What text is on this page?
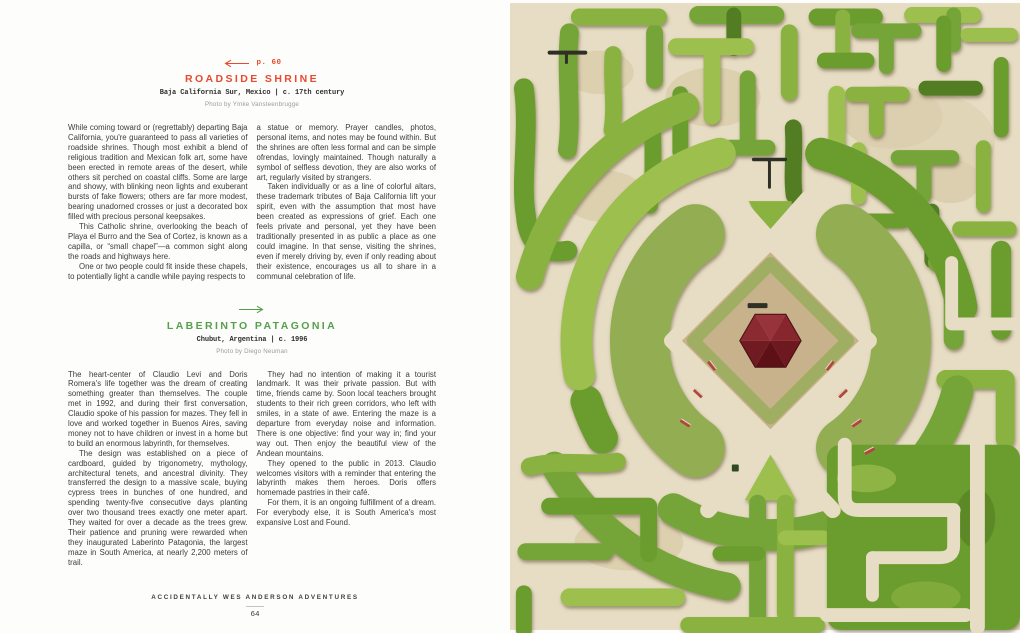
p. 60
ROADSIDE SHRINE
Baja California Sur, Mexico | c. 17th century
Photo by Ymke Vansteenbrugge

While coming toward or (regrettably) departing Baja California, you're guaranteed to pass all varieties of roadside shrines. Though most exhibit a blend of religious tradition and Mexican folk art, some have been erected in remote areas of the desert, while others sit perched on coastal cliffs. Some are large and showy, with blinking neon lights and exuberant bursts of fake flowers; others are far more modest, bearing unadorned crosses or just a decorated box filled with precious personal keepsakes.

This Catholic shrine, overlooking the beach of Playa el Burro and the Sea of Cortez, is known as a capilla, or “small chapel”—a common sight along the roads and highways here.

One or two people could fit inside these chapels, to potentially light a candle while paying respects to

a statue or memory. Prayer candles, photos, personal items, and notes may be found within. But the shrines are often less formal and can be simple ofrendas, lovingly maintained. Though naturally a symbol of selfless devotion, they are also works of art, regularly visited by strangers.

Taken individually or as a line of colorful altars, these trademark tributes of Baja California lift your spirit, even with the assumption that most have been created as expressions of grief. Each one feels private and personal, yet they have been traditionally presented in as public a place as one could imagine. In that sense, visiting the shrines, even if merely driving by, even if only reading about their existence, encourages us all to share in a communal celebration of life.

LABERINTO PATAGONIA
Chubut, Argentina | c. 1996
Photo by Diego Neuman

The heart-center of Claudio Levi and Doris Romera's life together was the dream of creating something greater than themselves. The couple met in 1992, and during their first conversation, Claudio spoke of his passion for mazes. They fell in love and worked together in Buenos Aires, saving money not to have children or invest in a home but to build an enormous labyrinth, for themselves.

The design was established on a piece of cardboard, guided by trigonometry, mythology, architectural tenets, and ancestral divinity. They transferred the design to a massive scale, buying cypress trees in bunches of one hundred, and spending twenty-five consecutive days planting over two thousand trees exactly one meter apart. They waited for over a decade as the trees grew. Their patience and pruning were rewarded when they inaugurated Laberinto Patagonia, the largest maze in South America, at nearly 2,200 meters of trail.

They had no intention of making it a tourist landmark. It was their private passion. But with time, friends came by. Soon local teachers brought students to their rich green corridors, who left with smiles, in a state of awe. Entering the maze is a departure from everyday noise and information. There is one objective: find your way in; find your way out. Then enjoy the beautiful view of the Andean mountains.

They opened to the public in 2013. Claudio welcomes visitors with a reminder that entering the labyrinth makes them heroes. Doris offers homemade pastries in their café.

For them, it is an ongoing fulfillment of a dream. For everybody else, it is South America's most expansive Lost and Found.

ACCIDENTALLY WES ANDERSON ADVENTURES
64
